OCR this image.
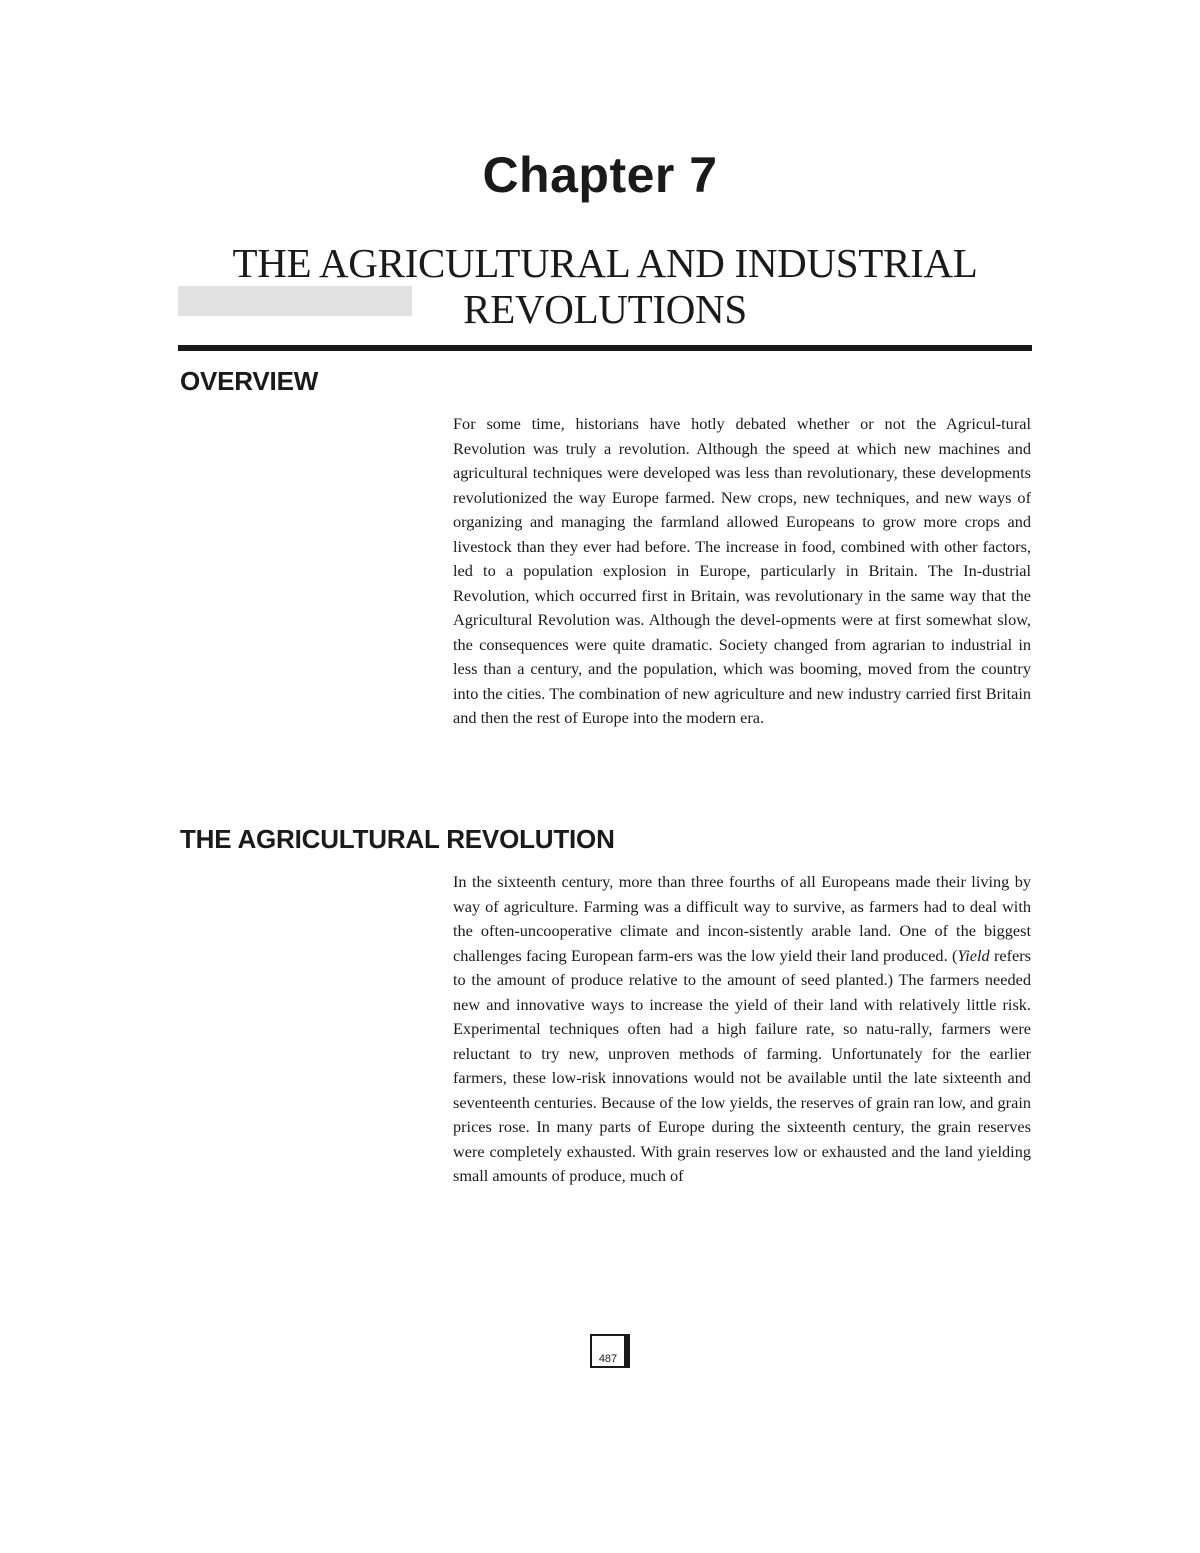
Chapter 7
THE AGRICULTURAL AND INDUSTRIAL
REVOLUTIONS
OVERVIEW

For some time, historians have hotly debated whether or not the Agricul-tural Revolution was truly a revolution. Although the speed at which new machines and agricultural techniques were developed was less than revolutionary, these developments revolutionized the way Europe farmed. New crops, new techniques, and new ways of organizing and managing the farmland allowed Europeans to grow more crops and livestock than they ever had before. The increase in food, combined with other factors, led to a population explosion in Europe, particularly in Britain. The In-dustrial Revolution, which occurred first in Britain, was revolutionary in the same way that the Agricultural Revolution was. Although the devel-opments were at first somewhat slow, the consequences were quite dramatic. Society changed from agrarian to industrial in less than a century, and the population, which was booming, moved from the country into the cities. The combination of new agriculture and new industry carried first Britain and then the rest of Europe into the modern era.

THE AGRICULTURAL REVOLUTION

In the sixteenth century, more than three fourths of all Europeans made their living by way of agriculture. Farming was a difficult way to survive, as farmers had to deal with the often-uncooperative climate and incon-sistently arable land. One of the biggest challenges facing European farm-ers was the low yield their land produced. (Yield refers to the amount of produce relative to the amount of seed planted.) The farmers needed new and innovative ways to increase the yield of their land with relatively little risk. Experimental techniques often had a high failure rate, so natu-rally, farmers were reluctant to try new, unproven methods of farming. Unfortunately for the earlier farmers, these low-risk innovations would not be available until the late sixteenth and seventeenth centuries. Because of the low yields, the reserves of grain ran low, and grain prices rose. In many parts of Europe during the sixteenth century, the grain reserves were completely exhausted. With grain reserves low or exhausted and the land yielding small amounts of produce, much of

487
